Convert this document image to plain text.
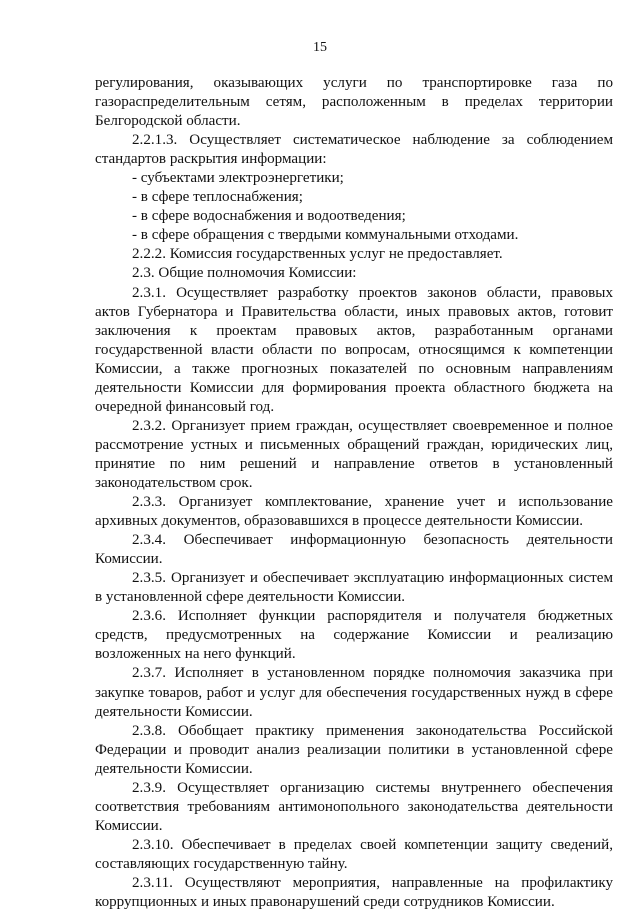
15

регулирования, оказывающих услуги по транспортировке газа по газораспределительным сетям, расположенным в пределах территории Белгородской области.

2.2.1.3. Осуществляет систематическое наблюдение за соблюдением стандартов раскрытия информации:

- субъектами электроэнергетики;

- в сфере теплоснабжения;

- в сфере водоснабжения и водоотведения;

- в сфере обращения с твердыми коммунальными отходами.

2.2.2. Комиссия государственных услуг не предоставляет.

2.3. Общие полномочия Комиссии:

2.3.1. Осуществляет разработку проектов законов области, правовых актов Губернатора и Правительства области, иных правовых актов, готовит заключения к проектам правовых актов, разработанным органами государственной власти области по вопросам, относящимся к компетенции Комиссии, а также прогнозных показателей по основным направлениям деятельности Комиссии для формирования проекта областного бюджета на очередной финансовый год.

2.3.2. Организует прием граждан, осуществляет своевременное и полное рассмотрение устных и письменных обращений граждан, юридических лиц, принятие по ним решений и направление ответов в установленный законодательством срок.

2.3.3. Организует комплектование, хранение учет и использование архивных документов, образовавшихся в процессе деятельности Комиссии.

2.3.4. Обеспечивает информационную безопасность деятельности Комиссии.

2.3.5. Организует и обеспечивает эксплуатацию информационных систем в установленной сфере деятельности Комиссии.

2.3.6. Исполняет функции распорядителя и получателя бюджетных средств, предусмотренных на содержание Комиссии и реализацию возложенных на него функций.

2.3.7. Исполняет в установленном порядке полномочия заказчика при закупке товаров, работ и услуг для обеспечения государственных нужд в сфере деятельности Комиссии.

2.3.8. Обобщает практику применения законодательства Российской Федерации и проводит анализ реализации политики в установленной сфере деятельности Комиссии.

2.3.9. Осуществляет организацию системы внутреннего обеспечения соответствия требованиям антимонопольного законодательства деятельности Комиссии.

2.3.10. Обеспечивает в пределах своей компетенции защиту сведений, составляющих государственную тайну.

2.3.11. Осуществляют мероприятия, направленные на профилактику коррупционных и иных правонарушений среди сотрудников Комиссии.
